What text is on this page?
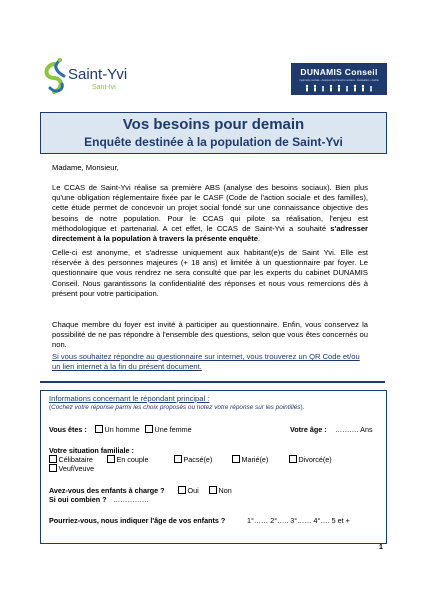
Saint-Yvi
Sant-Ivi
DUNAMIS Conseil
Ingénierie sociale - Analyse des besoins sociaux - Évaluation - Audits
Vos besoins pour demain
Enquête destinée à la population de Saint-Yvi
Madame, Monsieur,
Le CCAS de Saint-Yvi réalise sa première ABS (analyse des besoins sociaux). Bien plus qu'une obligation réglementaire fixée par le CASF (Code de l'action sociale et des familles), cette étude permet de concevoir un projet social fondé sur une connaissance objective des besoins de notre population. Pour le CCAS qui pilote sa réalisation, l'enjeu est méthodologique et partenarial. A cet effet, le CCAS de Saint-Yvi a souhaité s'adresser directement à la population à travers la présente enquête.
Celle-ci est anonyme, et s'adresse uniquement aux habitant(e)s de Saint Yvi. Elle est réservée à des personnes majeures (+ 18 ans) et limitée à un questionnaire par foyer. Le questionnaire que vous rendrez ne sera consulté que par les experts du cabinet DUNAMIS Conseil. Nous garantissons la confidentialité des réponses et nous vous remercions dès à présent pour votre participation.
Chaque membre du foyer est invité à participer au questionnaire. Enfin, vous conservez la possibilité de ne pas répondre à l'ensemble des questions, selon que vous êtes concernés ou non.
Si vous souhaitez répondre au questionnaire sur internet, vous trouverez un QR Code et/ou un lien internet à la fin du présent document.
Informations concernant le répondant principal :
(Cochez votre réponse parmi les choix proposés ou notez votre réponse sur les pointillés).
Vous êtes :	Un homme	Une femme	Votre âge : ………. Ans
Votre situation familiale :
Célibataire	En couple	Pacsé(e)	Marié(e)	Divorcé(e)
Veuf/veuve
Avez-vous des enfants à charge ?	Oui	Non
Si oui combien ? ……………
Pourriez-vous, nous indiquer l'âge de vos enfants ?	1°…… 2°….. 3°…… 4°…. 5 et +
1
